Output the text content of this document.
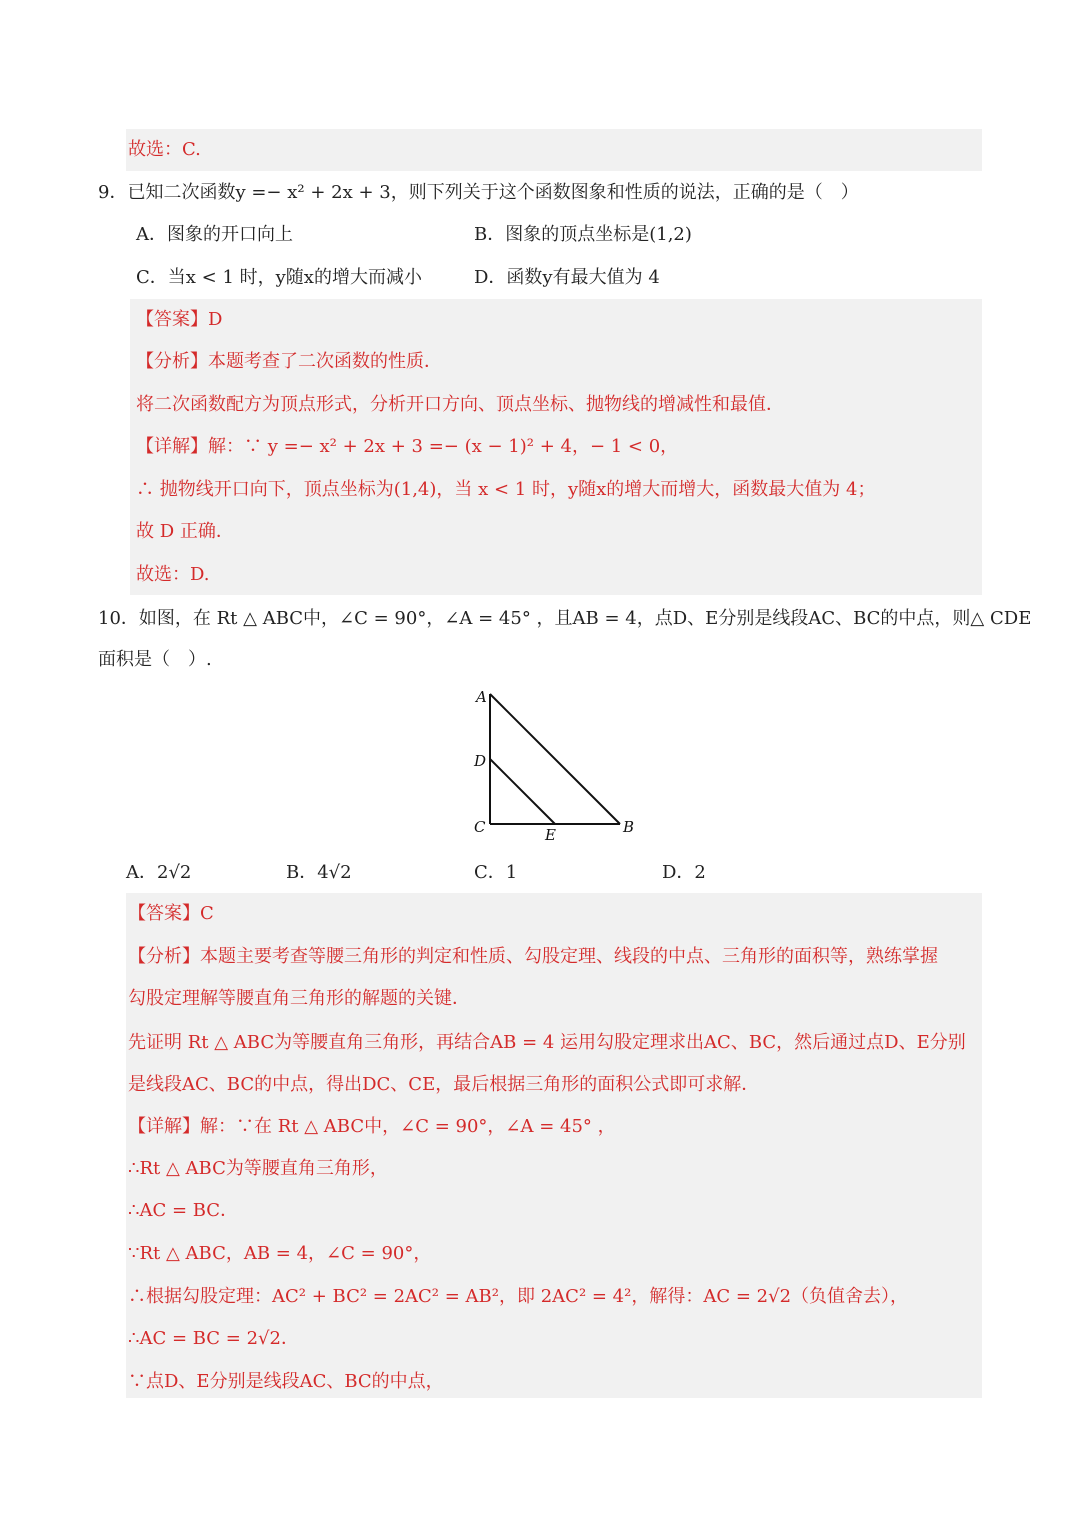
故选：C.
9．已知二次函数y =− x² + 2x + 3，则下列关于这个函数图象和性质的说法，正确的是（　）
A．图象的开口向上	B．图象的顶点坐标是(1,2)
C．当x < 1 时，y随x的增大而减小	D．函数y有最大值为 4
【答案】D
【分析】本题考查了二次函数的性质．
将二次函数配方为顶点形式，分析开口方向、顶点坐标、抛物线的增减性和最值．
【详解】解：∵ y =− x² + 2x + 3 =− (x − 1)² + 4，− 1 < 0，
∴ 抛物线开口向下，顶点坐标为(1,4)，当 x < 1 时，y随x的增大而增大，函数最大值为 4；
故 D 正确．
故选：D.
10．如图，在 Rt △ ABC中，∠C = 90°，∠A = 45° ，且AB = 4，点D、E分别是线段AC、BC的中点，则△ CDE
面积是（　）.
A
D
C	E	B
A．2√2	B．4√2	C．1	D．2
【答案】C
【分析】本题主要考查等腰三角形的判定和性质、勾股定理、线段的中点、三角形的面积等，熟练掌握
勾股定理解等腰直角三角形的解题的关键．
先证明 Rt △ ABC为等腰直角三角形，再结合AB = 4 运用勾股定理求出AC、BC，然后通过点D、E分别
是线段AC、BC的中点，得出DC、CE，最后根据三角形的面积公式即可求解．
【详解】解：∵在 Rt △ ABC中，∠C = 90°，∠A = 45° ，
∴Rt △ ABC为等腰直角三角形，
∴AC = BC．
∵Rt △ ABC，AB = 4，∠C = 90°，
∴根据勾股定理：AC² + BC² = 2AC² = AB²，即 2AC² = 4²，解得：AC = 2√2（负值舍去），
∴AC = BC = 2√2．
∵点D、E分别是线段AC、BC的中点，
